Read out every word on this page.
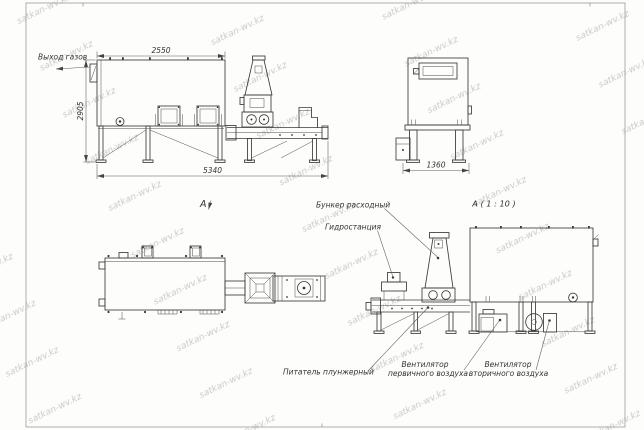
2550
2905
5340
Выход газов
1360
А	А ( 1 : 10 )
Бункер расходный
Гидростанция
Питатель плунжерный
Вентилятор
первичного воздуха
Вентилятор
вторичного воздуха
